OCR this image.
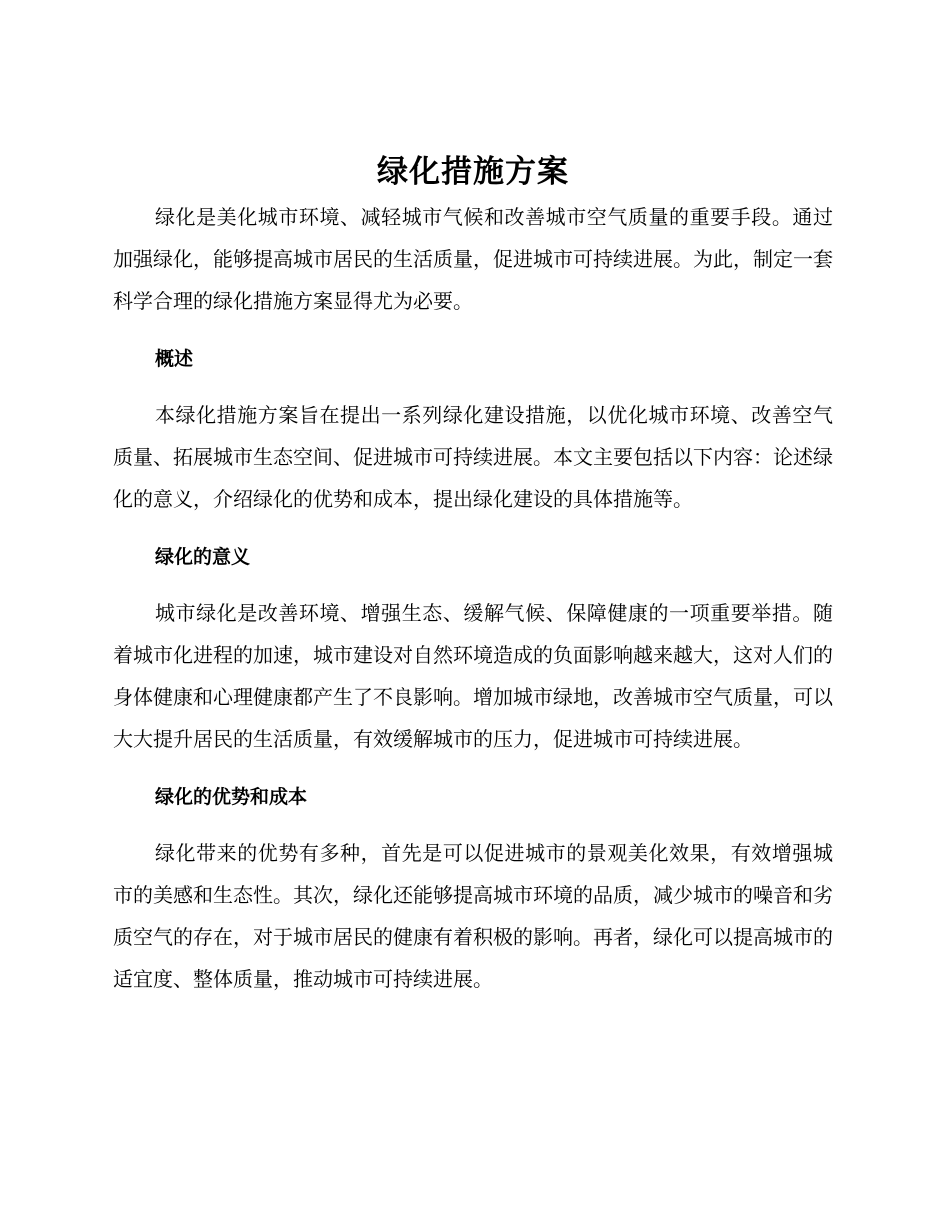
绿化措施方案

绿化是美化城市环境、减轻城市气候和改善城市空气质量的重要手段。通过加强绿化，能够提高城市居民的生活质量，促进城市可持续进展。为此，制定一套科学合理的绿化措施方案显得尤为必要。

概述

本绿化措施方案旨在提出一系列绿化建设措施，以优化城市环境、改善空气质量、拓展城市生态空间、促进城市可持续进展。本文主要包括以下内容：论述绿化的意义，介绍绿化的优势和成本，提出绿化建设的具体措施等。

绿化的意义

城市绿化是改善环境、增强生态、缓解气候、保障健康的一项重要举措。随着城市化进程的加速，城市建设对自然环境造成的负面影响越来越大，这对人们的身体健康和心理健康都产生了不良影响。增加城市绿地，改善城市空气质量，可以大大提升居民的生活质量，有效缓解城市的压力，促进城市可持续进展。

绿化的优势和成本

绿化带来的优势有多种，首先是可以促进城市的景观美化效果，有效增强城市的美感和生态性。其次，绿化还能够提高城市环境的品质，减少城市的噪音和劣质空气的存在，对于城市居民的健康有着积极的影响。再者，绿化可以提高城市的适宜度、整体质量，推动城市可持续进展。
